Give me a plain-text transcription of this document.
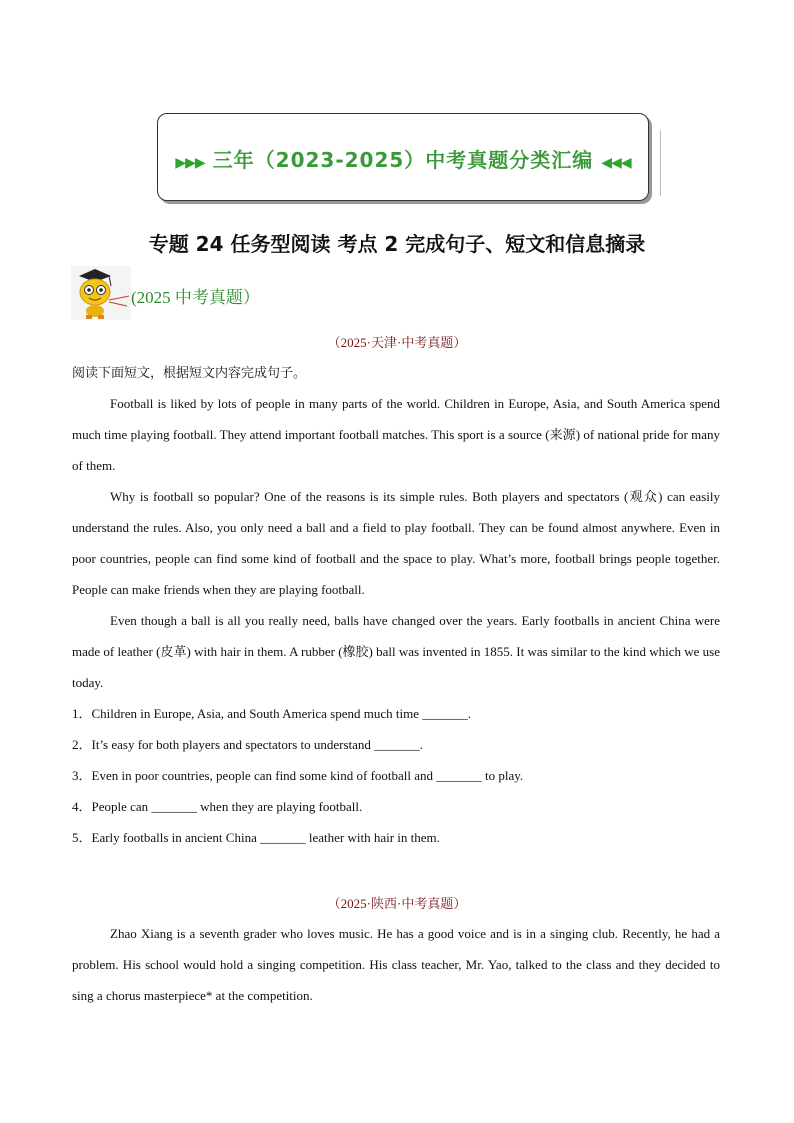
▶▶▶ 三年（2023-2025）中考真题分类汇编 ◀◀◀
专题 24 任务型阅读 考点 2 完成句子、短文和信息摘录
(2025 中考真题）
（2025·天津·中考真题）

阅读下面短文，根据短文内容完成句子。

Football is liked by lots of people in many parts of the world. Children in Europe, Asia, and South America spend much time playing football. They attend important football matches. This sport is a source (来源) of national pride for many of them.

Why is football so popular? One of the reasons is its simple rules. Both players and spectators (观众) can easily understand the rules. Also, you only need a ball and a field to play football. They can be found almost anywhere. Even in poor countries, people can find some kind of football and the space to play. What’s more, football brings people together. People can make friends when they are playing football.

Even though a ball is all you really need, balls have changed over the years. Early footballs in ancient China were made of leather (皮革) with hair in them. A rubber (橡胶) ball was invented in 1855. It was similar to the kind which we use today.

1．Children in Europe, Asia, and South America spend much time _______.

2．It’s easy for both players and spectators to understand _______.

3．Even in poor countries, people can find some kind of football and _______ to play.

4．People can _______ when they are playing football.

5．Early footballs in ancient China _______ leather with hair in them.

（2025·陕西·中考真题）

Zhao Xiang is a seventh grader who loves music. He has a good voice and is in a singing club. Recently, he had a problem. His school would hold a singing competition. His class teacher, Mr. Yao, talked to the class and they decided to sing a chorus masterpiece* at the competition.
